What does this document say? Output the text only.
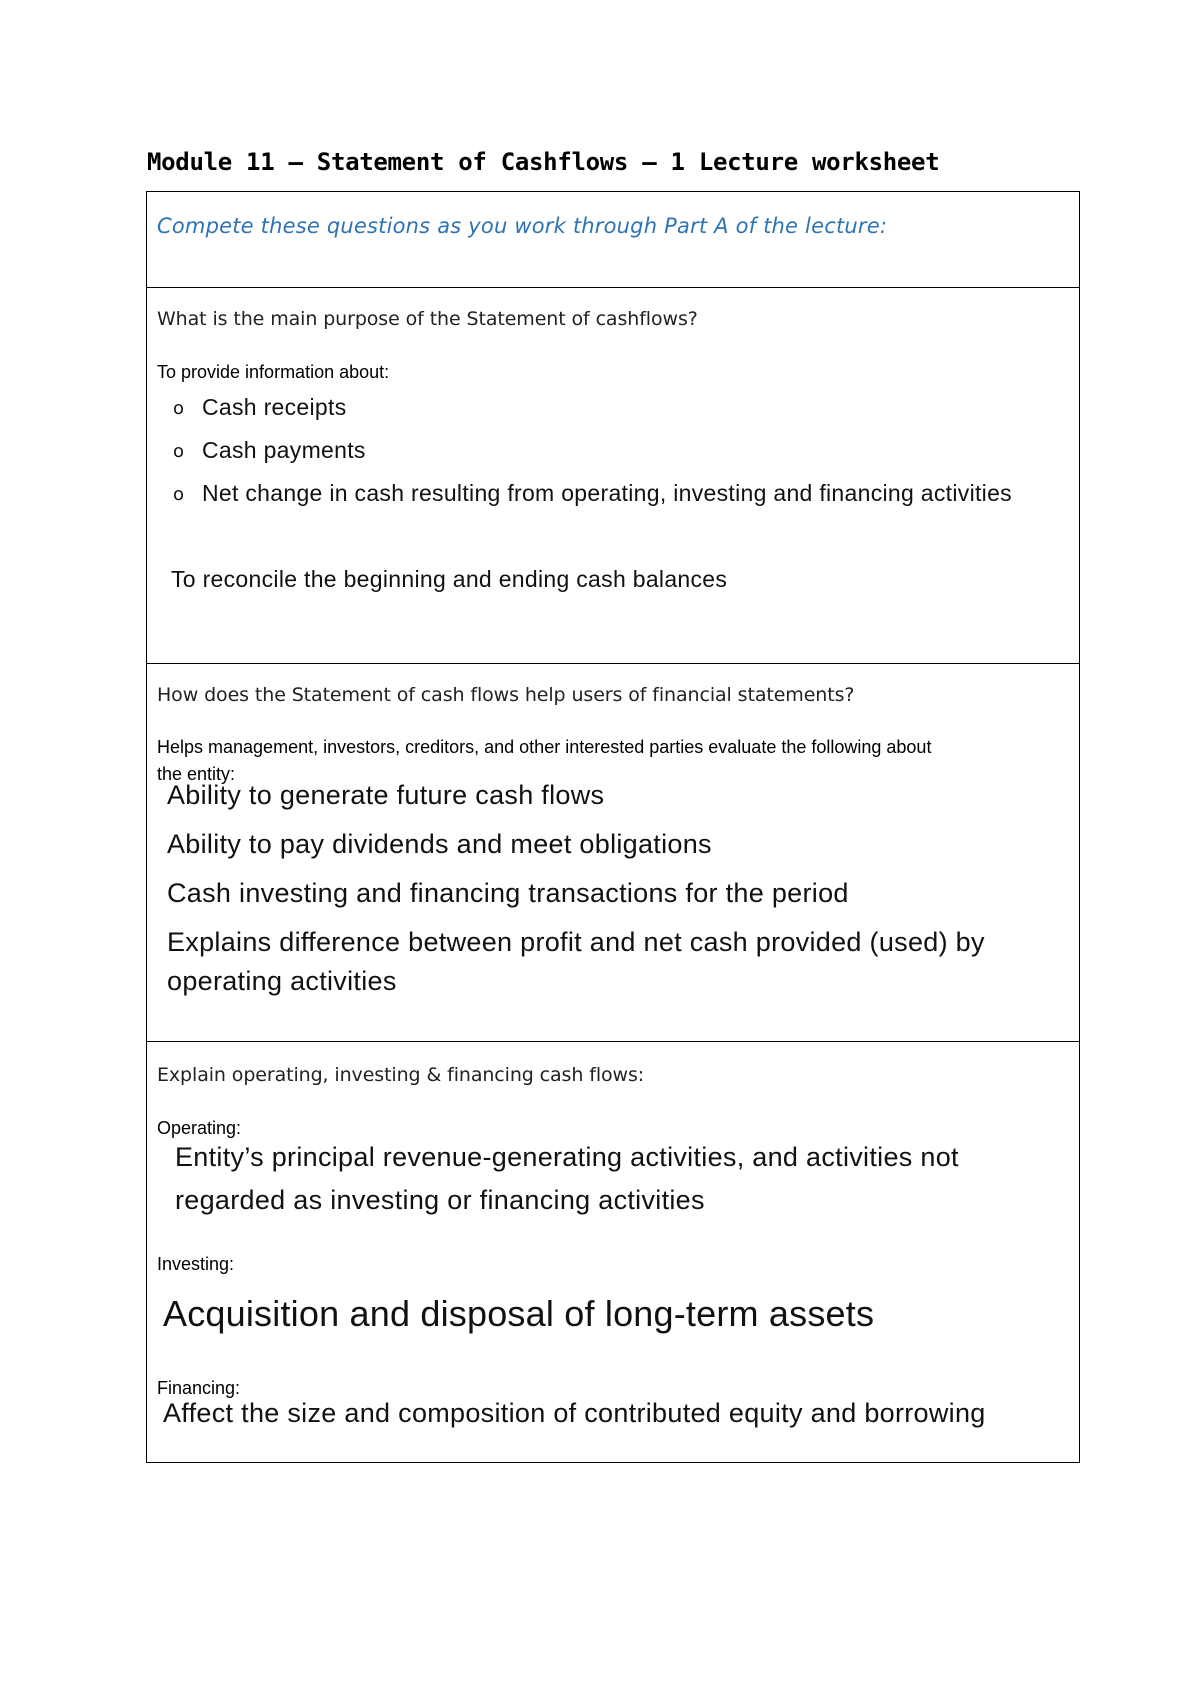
Module 11 – Statement of Cashflows – 1 Lecture worksheet
Compete these questions as you work through Part A of the lecture:
What is the main purpose of the Statement of cashflows?
To provide information about:
o Cash receipts
o Cash payments
o Net change in cash resulting from operating, investing and financing activities
To reconcile the beginning and ending cash balances
How does the Statement of cash flows help users of financial statements?
Helps management, investors, creditors, and other interested parties evaluate the following about
the entity:
Ability to generate future cash flows
Ability to pay dividends and meet obligations
Cash investing and financing transactions for the period
Explains difference between profit and net cash provided (used) by
operating activities
Explain operating, investing & financing cash flows:
Operating:
Entity’s principal revenue-generating activities, and activities not
regarded as investing or financing activities
Investing:
Acquisition and disposal of long-term assets
Financing:
Affect the size and composition of contributed equity and borrowing
